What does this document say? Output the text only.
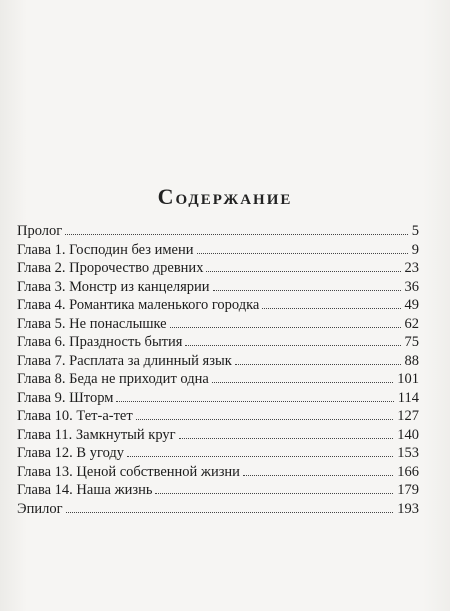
Содержание
Пролог	5
Глава 1. Господин без имени	9
Глава 2. Пророчество древних	23
Глава 3. Монстр из канцелярии	36
Глава 4. Романтика маленького городка	49
Глава 5. Не понаслышке	62
Глава 6. Праздность бытия	75
Глава 7. Расплата за длинный язык	88
Глава 8. Беда не приходит одна	101
Глава 9. Шторм	114
Глава 10. Тет-а-тет	127
Глава 11. Замкнутый круг	140
Глава 12. В угоду	153
Глава 13. Ценой собственной жизни	166
Глава 14. Наша жизнь	179
Эпилог	193
